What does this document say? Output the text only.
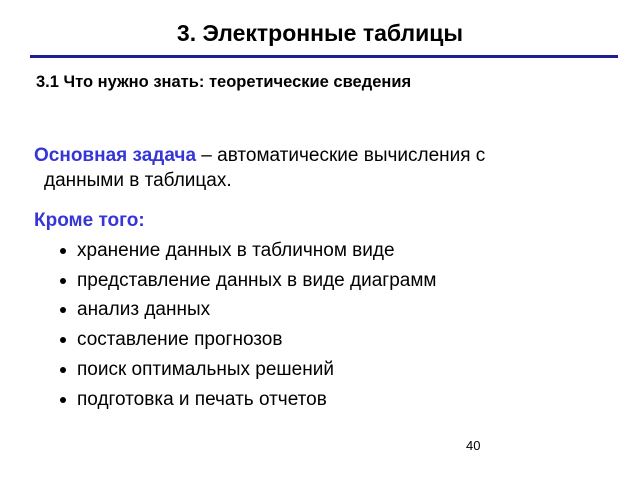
3. Электронные таблицы
3.1 Что нужно знать: теоретические сведения
Основная задача – автоматические вычисления с
данными в таблицах.
Кроме того:
хранение данных в табличном виде
представление данных в виде диаграмм
анализ данных
составление прогнозов
поиск оптимальных решений
подготовка и печать отчетов
40
